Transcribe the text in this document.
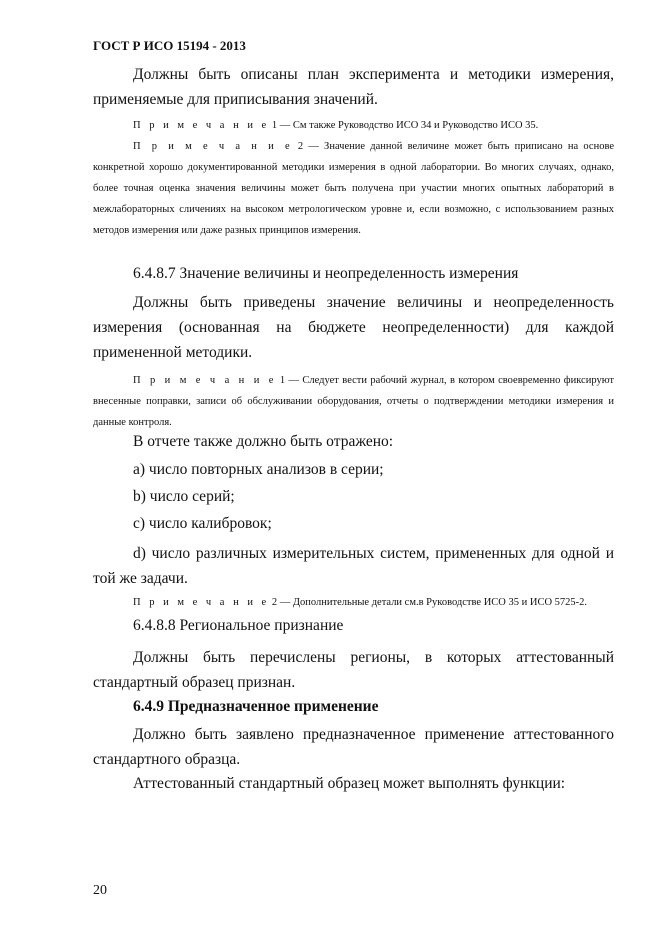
ГОСТ Р ИСО 15194 - 2013
Должны быть описаны план эксперимента и методики измерения, применяемые для приписывания значений.
П р и м е ч а н и е 1 — См также Руководство ИСО 34 и Руководство ИСО 35.
П р и м е ч а н и е 2 — Значение данной величине может быть приписано на основе конкретной хорошо документированной методики измерения в одной лаборатории. Во многих случаях, однако, более точная оценка значения величины может быть получена при участии многих опытных лабораторий в межлабораторных сличениях на высоком метрологическом уровне и, если возможно, с использованием разных методов измерения или даже разных принципов измерения.
6.4.8.7 Значение величины и неопределенность измерения
Должны быть приведены значение величины и неопределенность измерения (основанная на бюджете неопределенности) для каждой примененной методики.
П р и м е ч а н и е 1 — Следует вести рабочий журнал, в котором своевременно фиксируют внесенные поправки, записи об обслуживании оборудования, отчеты о подтверждении методики измерения и данные контроля.
В отчете также должно быть отражено:
а) число повторных анализов в серии;
b) число серий;
с) число калибровок;
d) число различных измерительных систем, примененных для одной и той же задачи.
П р и м е ч а н и е 2 — Дополнительные детали см.в Руководстве ИСО 35 и ИСО 5725-2.
6.4.8.8 Региональное признание
Должны быть перечислены регионы, в которых аттестованный стандартный образец признан.
6.4.9 Предназначенное применение
Должно быть заявлено предназначенное применение аттестованного стандартного образца.
Аттестованный стандартный образец может выполнять функции:
20
